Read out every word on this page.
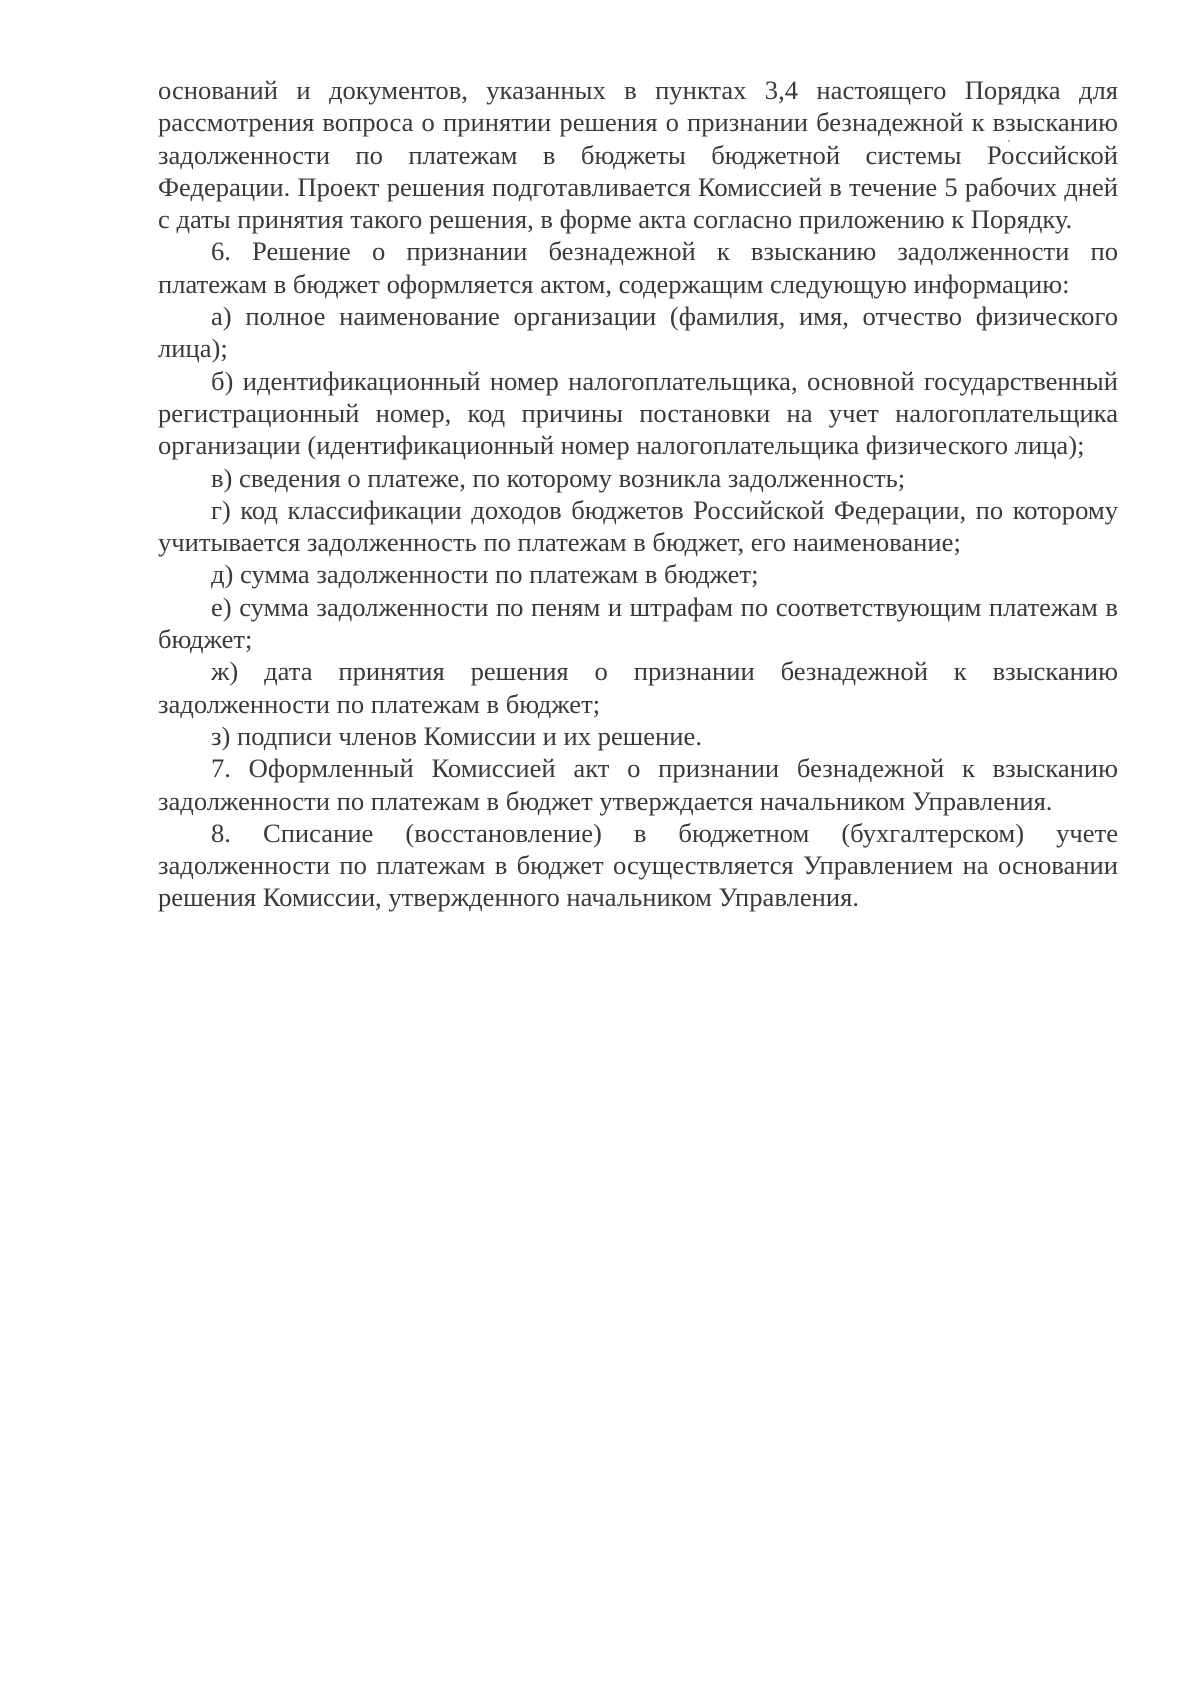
оснований и документов, указанных в пунктах 3,4 настоящего Порядка для рассмотрения вопроса о принятии решения о признании безнадежной к взысканию задолженности по платежам в бюджеты бюджетной системы Российской Федерации. Проект решения подготавливается Комиссией в течение 5 рабочих дней с даты принятия такого решения, в форме акта согласно приложению к Порядку.

6. Решение о признании безнадежной к взысканию задолженности по платежам в бюджет оформляется актом, содержащим следующую информацию:

а) полное наименование организации (фамилия, имя, отчество физического лица);

б) идентификационный номер налогоплательщика, основной государственный регистрационный номер, код причины постановки на учет налогоплательщика организации (идентификационный номер налогоплательщика физического лица);

в) сведения о платеже, по которому возникла задолженность;

г) код классификации доходов бюджетов Российской Федерации, по которому учитывается задолженность по платежам в бюджет, его наименование;

д) сумма задолженности по платежам в бюджет;

е) сумма задолженности по пеням и штрафам по соответствующим платежам в бюджет;

ж) дата принятия решения о признании безнадежной к взысканию задолженности по платежам в бюджет;

з) подписи членов Комиссии и их решение.

7. Оформленный Комиссией акт о признании безнадежной к взысканию задолженности по платежам в бюджет утверждается начальником Управления.

8. Списание (восстановление) в бюджетном (бухгалтерском) учете задолженности по платежам в бюджет осуществляется Управлением на основании решения Комиссии, утвержденного начальником Управления.
